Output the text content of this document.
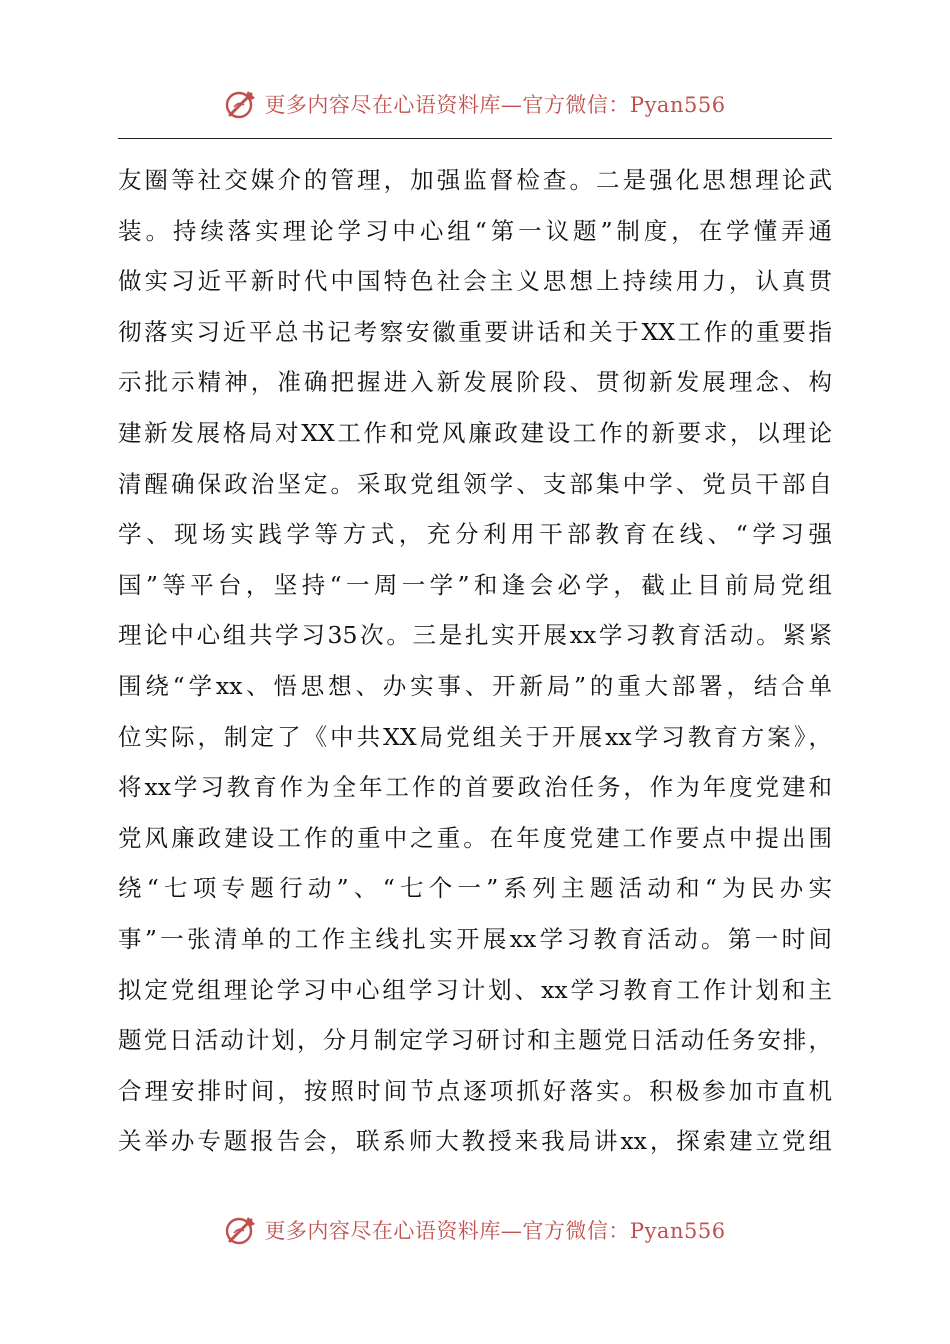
更多内容尽在心语资料库—官方微信：Pyan556
友圈等社交媒介的管理，加强监督检查。二是强化思想理论武
装。持续落实理论学习中心组“第一议题”制度，在学懂弄通
做实习近平新时代中国特色社会主义思想上持续用力，认真贯
彻落实习近平总书记考察安徽重要讲话和关于XX工作的重要指
示批示精神，准确把握进入新发展阶段、贯彻新发展理念、构
建新发展格局对XX工作和党风廉政建设工作的新要求，以理论
清醒确保政治坚定。采取党组领学、支部集中学、党员干部自
学、现场实践学等方式，充分利用干部教育在线、“学习强
国”等平台，坚持“一周一学”和逢会必学，截止目前局党组
理论中心组共学习35次。三是扎实开展xx学习教育活动。紧紧
围绕“学xx、悟思想、办实事、开新局”的重大部署，结合单
位实际，制定了《中共XX局党组关于开展xx学习教育方案》，
将xx学习教育作为全年工作的首要政治任务，作为年度党建和
党风廉政建设工作的重中之重。在年度党建工作要点中提出围
绕“七项专题行动”、“七个一”系列主题活动和“为民办实
事”一张清单的工作主线扎实开展xx学习教育活动。第一时间
拟定党组理论学习中心组学习计划、xx学习教育工作计划和主
题党日活动计划，分月制定学习研讨和主题党日活动任务安排，
合理安排时间，按照时间节点逐项抓好落实。积极参加市直机
关举办专题报告会，联系师大教授来我局讲xx，探索建立党组
更多内容尽在心语资料库—官方微信：Pyan556
